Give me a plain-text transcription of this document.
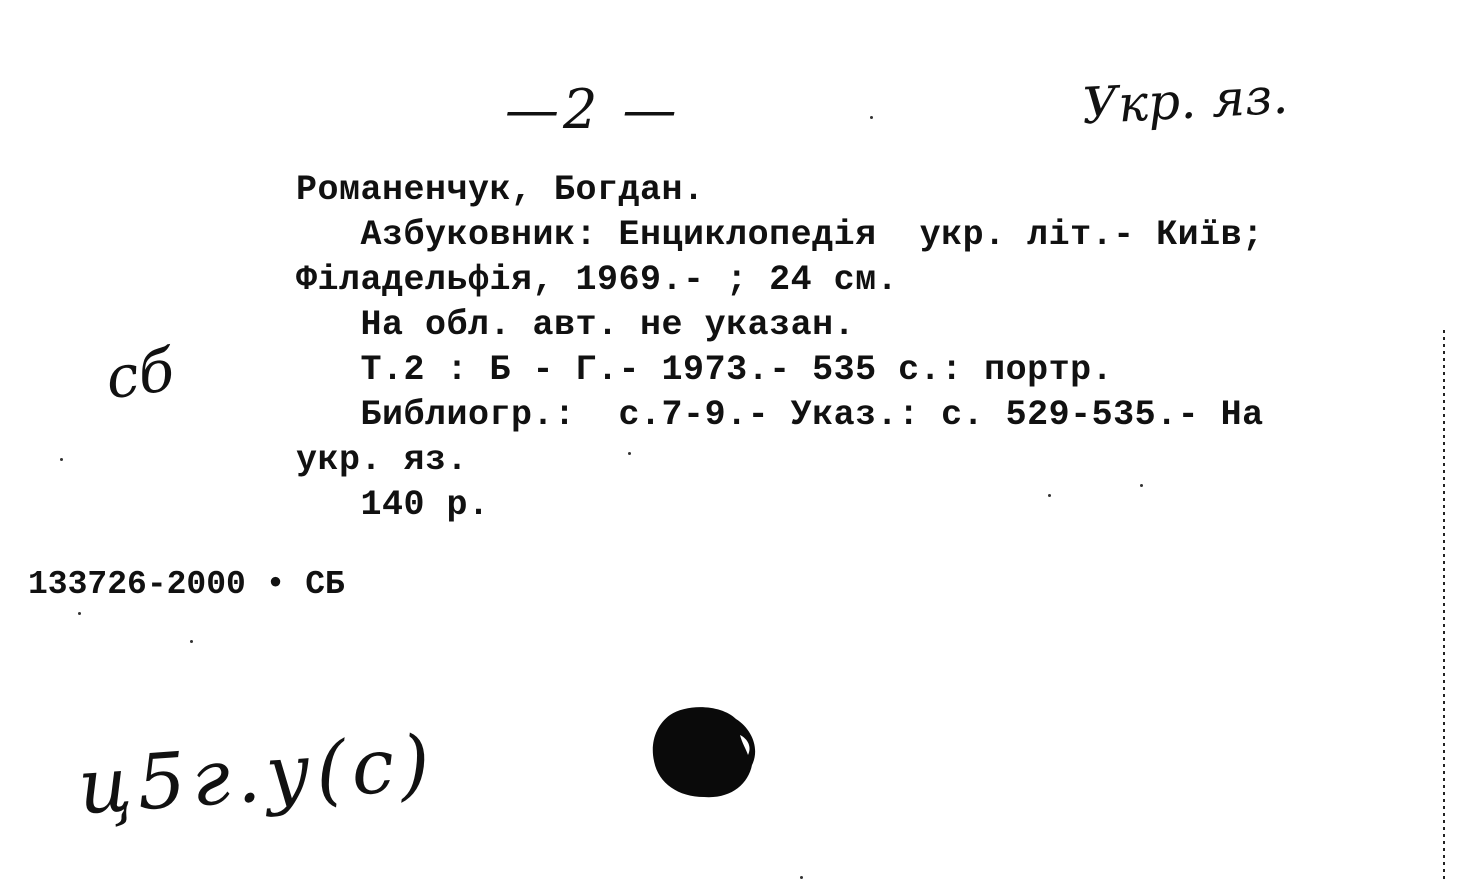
—2 —	Укр. яз.
сб
Романенчук, Богдан.
Азбуковник: Енциклопедія  укр. літ.- Київ;
Філадельфія, 1969.- ; 24 см.
На обл. авт. не указан.
Т.2 : Б - Г.- 1973.- 535 с.: портр.
Библиогр.:  с.7-9.- Указ.: с. 529-535.- На
укр. яз.
140 р.
133726-2000 • СБ
ц5г.у(с)
